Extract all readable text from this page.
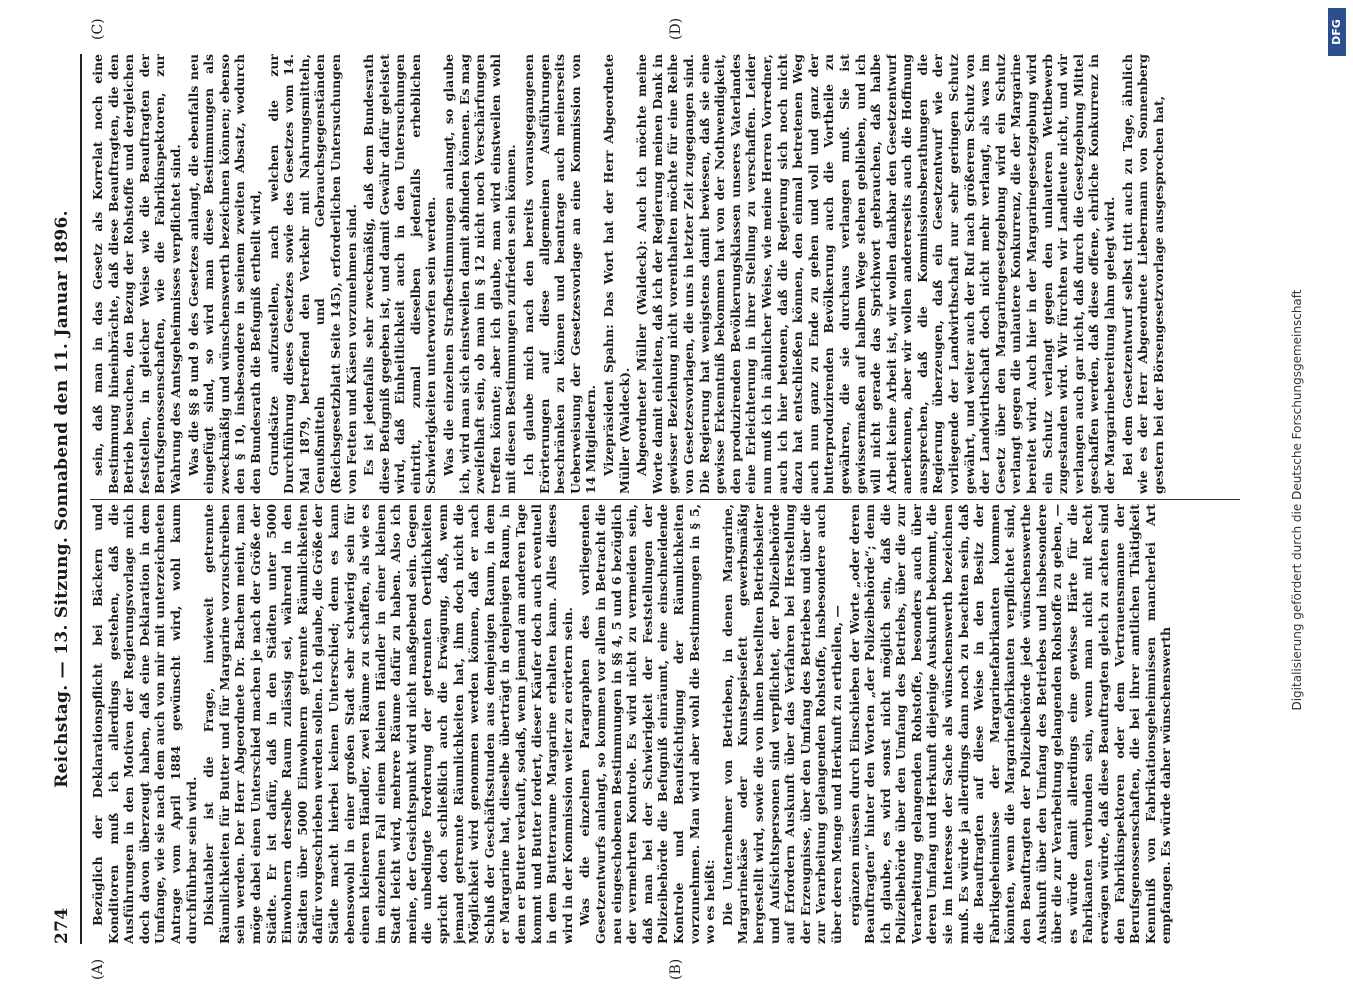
274
Reichstag. — 13. Sitzung. Sonnabend den 11. Januar 1896.
(A)	(B)
(C)	(D)

Bezüglich der Deklarationspflicht bei Bäckern und Konditoren muß ich allerdings gestehen, daß die Ausführungen in den Motiven der Regierungsvorlage mich doch davon überzeugt haben, daß eine Deklaration in dem Umfange, wie sie nach dem auch von mir mit unterzeichneten Antrage vom April 1884 gewünscht wird, wohl kaum durchführbar sein wird. Diskutabler ist die Frage, inwieweit getrennte Räumlichkeiten für Butter und für Margarine vorzuschreiben sein werden. Der Herr Abgeordnete Dr. Bachem meint, man möge dabei einen Unterschied machen je nach der Größe der Städte. Er ist dafür, daß in den Städten unter 5000 Einwohnern derselbe Raum zulässig sei, während in den Städten über 5000 Einwohnern getrennte Räumlichkeiten dafür vorgeschrieben werden sollen. Ich glaube, die Größe der Städte macht hierbei keinen Unterschied; denn es kann ebensowohl in einer großen Stadt sehr schwierig sein für einen kleineren Händler, zwei Räume zu schaffen, als wie es im einzelnen Fall einem kleinen Händler in einer kleinen Stadt leicht wird, mehrere Räume dafür zu haben. Also ich meine, der Gesichtspunkt wird nicht maßgebend sein. Gegen die unbedingte Forderung der getrennten Oertlichkeiten spricht doch schließlich auch die Erwägung, daß, wenn jemand getrennte Räumlichkeiten hat, ihm doch nicht die Möglichkeit wird genommen werden können, daß er nach Schluß der Geschäftsstunden aus demjenigen Raum, in dem er Margarine hat, dieselbe überträgt in denjenigen Raum, in dem er Butter verkauft, sodaß, wenn jemand am anderen Tage kommt und Butter fordert, dieser Käufer doch auch eventuell in dem Butterraume Margarine erhalten kann. Alles dieses wird in der Kommission weiter zu erörtern sein. Was die einzelnen Paragraphen des vorliegenden Gesetzentwurfs anlangt, so kommen vor allem in Betracht die neu eingeschobenen Bestimmungen in §§ 4, 5 und 6 bezüglich der vermehrten Kontrole. Es wird nicht zu vermeiden sein, daß man bei der Schwierigkeit der Feststellungen der Polizeibehörde die Befugniß einräumt, eine einschneidende Kontrole und Beaufsichtigung der Räumlichkeiten vorzunehmen. Man wird aber wohl die Bestimmungen in § 5, wo es heißt: Die Unternehmer von Betrieben, in denen Margarine, Margarinekäse oder Kunstspeisefett gewerbsmäßig hergestellt wird, sowie die von ihnen bestellten Betriebsleiter und Aufsichtspersonen sind verpflichtet, der Polizeibehörde auf Erfordern Auskunft über das Verfahren bei Herstellung der Erzeugnisse, über den Umfang des Betriebes und über die zur Verarbeitung gelangenden Rohstoffe, insbesondere auch über deren Menge und Herkunft zu ertheilen, — ergänzen müssen durch Einschieben der Worte „oder deren Beauftragten“ hinter den Worten „der Polizeibehörde“; denn ich glaube, es wird sonst nicht möglich sein, daß die Polizeibehörde über den Umfang des Betriebs, über die zur Verarbeitung gelangenden Rohstoffe, besonders auch über deren Umfang und Herkunft diejenige Auskunft bekommt, die sie im Interesse der Sache als wünschenswerth bezeichnen muß. Es würde ja allerdings dann noch zu beachten sein, daß die Beauftragten auf diese Weise in den Besitz der Fabrikgeheimnisse der Margarinefabrikanten kommen könnten, wenn die Margarinefabrikanten verpflichtet sind, den Beauftragten der Polizeibehörde jede wünschenswerthe Auskunft über den Umfang des Betriebes und insbesondere über die zur Verarbeitung gelangenden Rohstoffe zu geben, — es würde damit allerdings eine gewisse Härte für die Fabrikanten verbunden sein, wenn man nicht mit Recht erwägen würde, daß diese Beauftragten gleich zu achten sind den Fabrikinspektoren oder dem Vertrauensmanne der Berufsgenossenschaften, die bei ihrer amtlichen Thätigkeit Kenntniß von Fabrikationsgeheimnissen mancherlei Art empfangen. Es würde daher wünschenswerth

sein, daß man in das Gesetz als Korrelat noch eine Bestimmung hineinbrächte, daß diese Beauftragten, die den Betrieb besuchen, den Bezug der Rohstoffe und dergleichen feststellen, in gleicher Weise wie die Beauftragten der Berufsgenossenschaften, wie die Fabrikinspektoren, zur Wahrung des Amtsgeheimnisses verpflichtet sind. Was die §§ 8 und 9 des Gesetzes anlangt, die ebenfalls neu eingefügt sind, so wird man diese Bestimmungen als zweckmäßig und wünschenswerth bezeichnen können; ebenso den § 10, insbesondere in seinem zweiten Absatz, wodurch den Bundesrath die Befugniß ertheilt wird, Grundsätze aufzustellen, nach welchen die zur Durchführung dieses Gesetzes sowie des Gesetzes vom 14. Mai 1879, betreffend den Verkehr mit Nahrungsmitteln, Genußmitteln und Gebrauchsgegenständen (Reichsgesetzblatt Seite 145), erforderlichen Untersuchungen von Fetten und Käsen vorzunehmen sind. Es ist jedenfalls sehr zweckmäßig, daß dem Bundesrath diese Befugniß gegeben ist, und damit Gewähr dafür geleistet wird, daß Einheitlichkeit auch in den Untersuchungen eintritt, zumal dieselben jedenfalls erheblichen Schwierigkeiten unterworfen sein werden. Was die einzelnen Strafbestimmungen anlangt, so glaube ich, wird man sich einstweilen damit abfinden können. Es mag zweifelhaft sein, ob man im § 12 nicht noch Verschärfungen treffen könnte; aber ich glaube, man wird einstweilen wohl mit diesen Bestimmungen zufrieden sein können. Ich glaube mich nach den bereits vorausgegangenen Erörterungen auf diese allgemeinen Ausführungen beschränken zu können und beantrage auch meinerseits Ueberweisung der Gesetzesvorlage an eine Kommission von 14 Mitgliedern. Vizepräsident Spahn: Das Wort hat der Herr Abgeordnete Müller (Waldeck). Abgeordneter Müller (Waldeck): Auch ich möchte meine Worte damit einleiten, daß ich der Regierung meinen Dank in gewisser Beziehung nicht vorenthalten möchte für eine Reihe von Gesetzesvorlagen, die uns in letzter Zeit zugegangen sind. Die Regierung hat wenigstens damit bewiesen, daß sie eine gewisse Erkenntniß bekommen hat von der Nothwendigkeit, den produzirenden Bevölkerungsklassen unseres Vaterlandes eine Erleichterung in ihrer Stellung zu verschaffen. Leider nun muß ich in ähnlicher Weise, wie meine Herren Vorredner, auch ich hier betonen, daß die Regierung sich noch nicht dazu hat entschließen können, den einmal betretenen Weg auch nun ganz zu Ende zu gehen und voll und ganz der butterproduzirenden Bevölkerung auch die Vortheile zu gewähren, die sie durchaus verlangen muß. Sie ist gewissermaßen auf halbem Wege stehen geblieben, und ich will nicht gerade das Sprichwort gebrauchen, daß halbe Arbeit keine Arbeit ist, wir wollen dankbar den Gesetzentwurf anerkennen, aber wir wollen andererseits auch die Hoffnung aussprechen, daß die Kommissionsberathungen die Regierung überzeugen, daß ein Gesetzentwurf wie der vorliegende der Landwirthschaft nur sehr geringen Schutz gewährt, und weiter auch der Ruf nach größerem Schutz von der Landwirthschaft doch nicht mehr verlangt, als was im Gesetz über den Margarinegesetzgebung wird ein Schutz verlangt gegen die unlautere Konkurrenz, die der Margarine bereitet wird. Auch hier in der Margarinegesetzgebung wird ein Schutz verlangt gegen den unlauteren Wettbewerb zugestanden wird. Wir fürchten wir Landleute nicht, und wir verlangen auch gar nicht, daß durch die Gesetzgebung Mittel geschaffen werden, daß diese offene, ehrliche Konkurrenz in der Margarinebereitung lahm gelegt wird. Bei dem Gesetzentwurf selbst tritt auch zu Tage, ähnlich wie es der Herr Abgeordnete Liebermann von Sonnenberg gestern bei der Börsengesetzvorlage ausgesprochen hat,	Digitalisierung gefördert durch die Deutsche Forschungsgemeinschaft
DFG
